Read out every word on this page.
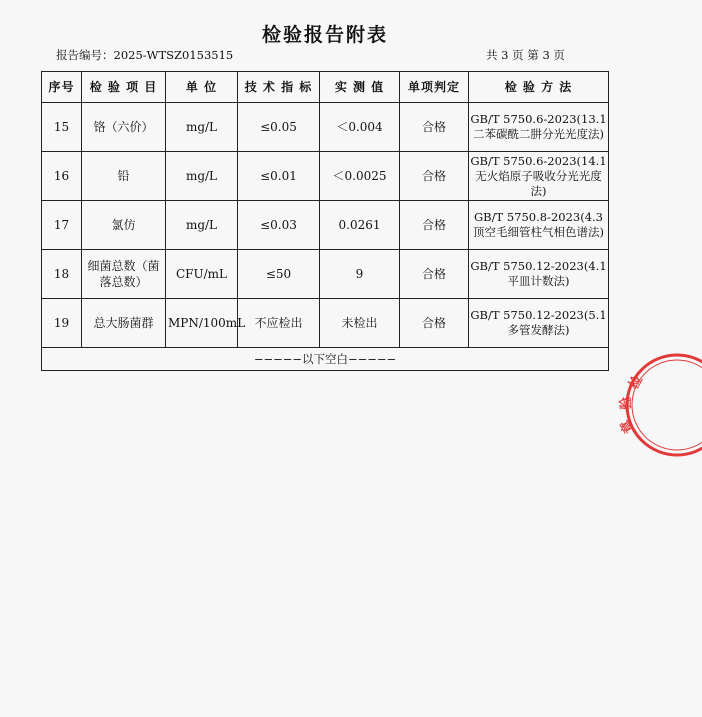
检验报告附表
报告编号：2025-WTSZ0153515	共 3 页 第 3 页
序号	检 验 项 目	单 位	技 术 指 标	实 测 值	单项判定	检 验 方 法
15	铬（六价）	mg/L	≤0.05	＜0.004	合格	GB/T 5750.6-2023(13.1二苯碳酰二肼分光光度法)
16	铅	mg/L	≤0.01	＜0.0025	合格	GB/T 5750.6-2023(14.1无火焰原子吸收分光光度法)
17	氯仿	mg/L	≤0.03	0.0261	合格	GB/T 5750.8-2023(4.3顶空毛细管柱气相色谱法)
18	细菌总数（菌落总数）	CFU/mL	≤50	9	合格	GB/T 5750.12-2023(4.1平皿计数法)
19	总大肠菌群	MPN/100mL	不应检出	未检出	合格	GB/T 5750.12-2023(5.1多管发酵法)
−−−−−以下空白−−−−−						
检
验
章
